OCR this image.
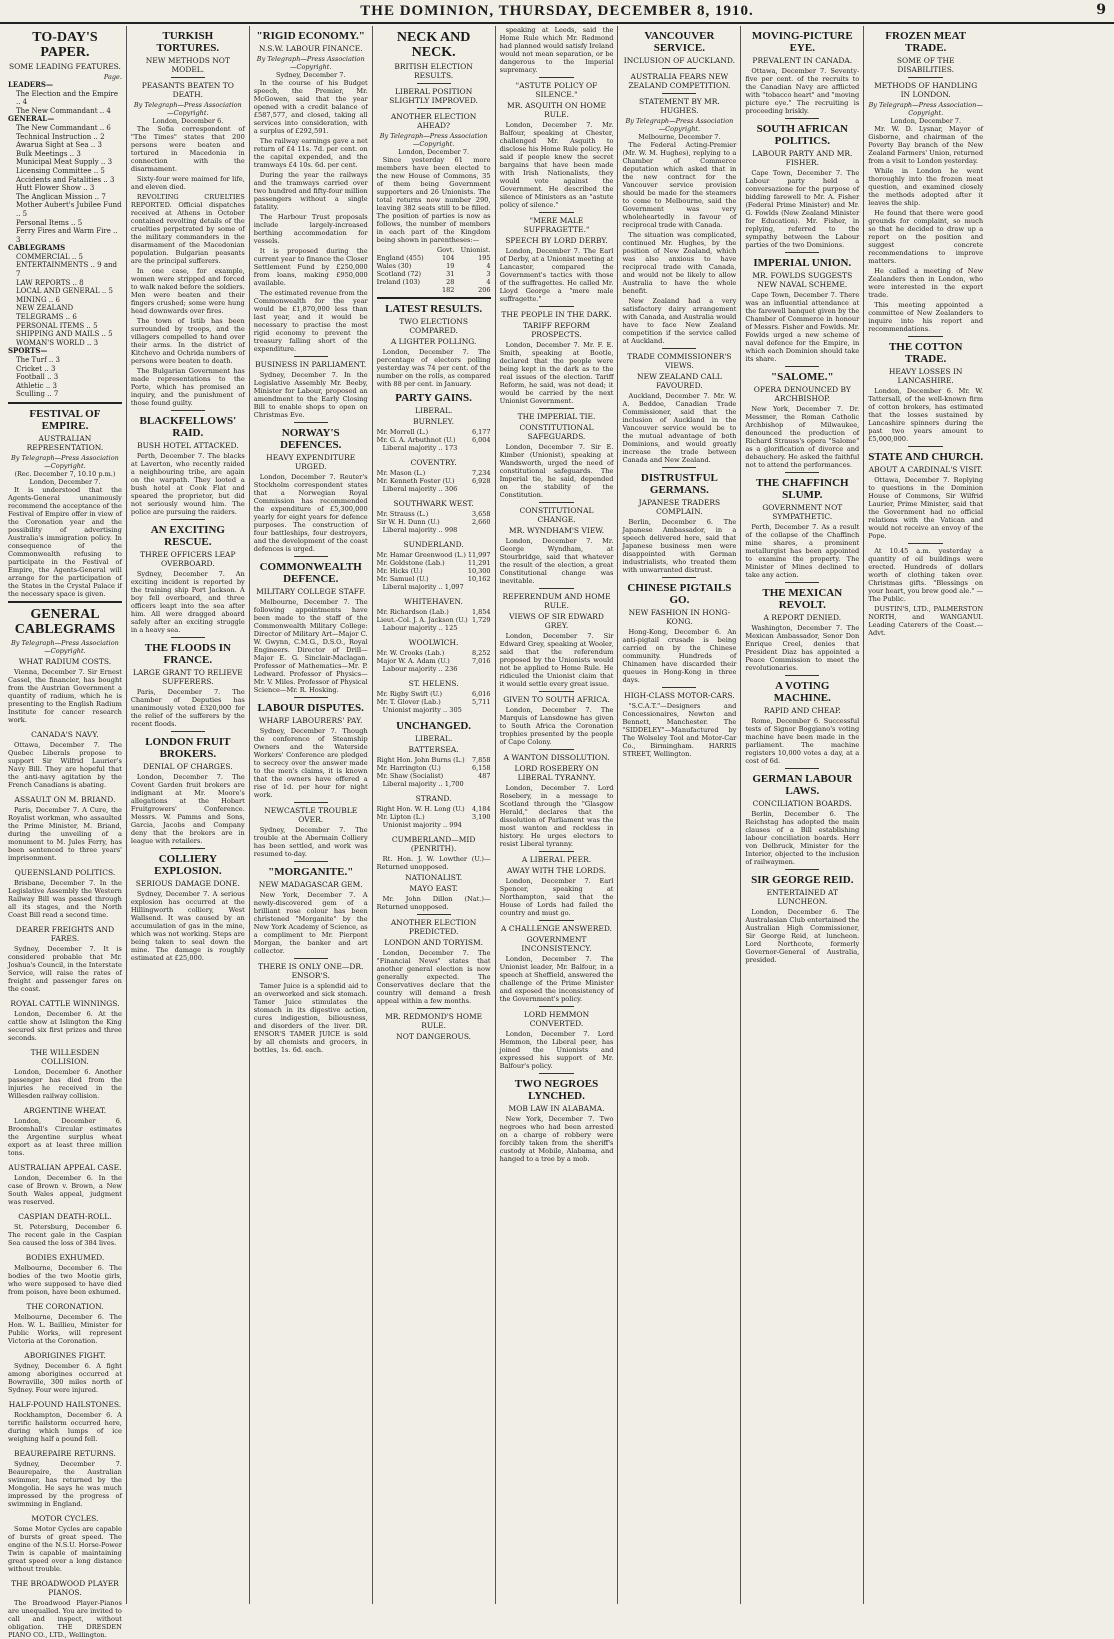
THE DOMINION, THURSDAY, DECEMBER 8, 1910.	9
TO-DAY'S PAPER.
SOME LEADING FEATURES.
Page.
LEADERS—
The Election and the Empire .. 4
The New Commandant .. 4
GENERAL—
The New Commandant .. 6
Technical Instruction .. 2
Awarua Sight at Sea .. 3
Bulk Meetings .. 3
Municipal Meat Supply .. 3
Licensing Committee .. 5
Accidents and Fatalities .. 3
Hutt Flower Show .. 3
The Anglican Mission .. 7
Mother Aubert's Jubilee Fund .. 5
Personal Items .. 5
Ferry Fires and Warm Fire .. 3
CABLEGRAMS
COMMERCIAL .. 5
ENTERTAINMENTS .. 9 and 7
LAW REPORTS .. 8
LOCAL AND GENERAL .. 5
MINING .. 6
NEW ZEALAND TELEGRAMS .. 6
PERSONAL ITEMS .. 5
SHIPPING AND MAILS .. 5
WOMAN'S WORLD .. 3
SPORTS—
The Turf .. 3
Cricket .. 3
Football .. 3
Athletic .. 3
Sculling .. 7
FESTIVAL OF EMPIRE.
AUSTRALIAN REPRESENTATION.
By Telegraph—Press Association—Copyright.
(Rec. December 7, 10.10 p.m.) London, December 7.
It is understood that the Agents-General unanimously recommend the acceptance of the Festival of Empire offer in view of the Coronation year and the possibility of advertising Australia's immigration policy. In consequence of the Commonwealth refusing to participate in the Festival of Empire, the Agents-General will arrange for the participation of the States in the Crystal Palace if the necessary space is given.
GENERAL CABLEGRAMS
By Telegraph—Press Association—Copyright.
WHAT RADIUM COSTS.
Vienna, December 7. Sir Ernest Cassel, the financier, has bought from the Austrian Government a quantity of radium, which he is presenting to the English Radium Institute for cancer research work.
CANADA'S NAVY.
Ottawa, December 7. The Quebec Liberals propose to support Sir Wilfrid Laurier's Navy Bill. They are hopeful that the anti-navy agitation by the French Canadians is abating.
ASSAULT ON M. BRIAND.
Paris, December 7. A Cure, the Royalist workman, who assaulted the Prime Minister, M. Briand, during the unveiling of a monument to M. Jules Ferry, has been sentenced to three years' imprisonment.
QUEENSLAND POLITICS.
Brisbane, December 7. In the Legislative Assembly the Western Railway Bill was passed through all its stages, and the North Coast Bill read a second time.
DEARER FREIGHTS AND FARES.
Sydney, December 7. It is considered probable that Mr. Joshua's Council, in the Interstate Service, will raise the rates of freight and passenger fares on the coast.
ROYAL CATTLE WINNINGS.
London, December 6. At the cattle show at Islington the King secured six first prizes and three seconds.
THE WILLESDEN COLLISION.
London, December 6. Another passenger has died from the injuries he received in the Willesden railway collision.
ARGENTINE WHEAT.
London, December 6. Broomhall's Circular estimates the Argentine surplus wheat export as at least three million tons.
AUSTRALIAN APPEAL CASE.
London, December 6. In the case of Brown v. Brown, a New South Wales appeal, judgment was reserved.
CASPIAN DEATH-ROLL.
St. Petersburg, December 6. The recent gale in the Caspian Sea caused the loss of 384 lives.
BODIES EXHUMED.
Melbourne, December 6. The bodies of the two Mootie girls, who were supposed to have died from poison, have been exhumed.
THE CORONATION.
Melbourne, December 6. The Hon. W. L. Baillieu, Minister for Public Works, will represent Victoria at the Coronation.
ABORIGINES FIGHT.
Sydney, December 6. A fight among aborigines occurred at Bowraville, 300 miles north of Sydney. Four were injured.
HALF-POUND HAILSTONES.
Rockhampton, December 6. A terrific hailstorm occurred here, during which lumps of ice weighing half a pound fell.
BEAUREPAIRE RETURNS.
Sydney, December 7. Beaurepaire, the Australian swimmer, has returned by the Mongolia. He says he was much impressed by the progress of swimming in England.
MOTOR CYCLES.
Some Motor Cycles are capable of bursts of great speed. The engine of the N.S.U. Horse-Power Twin is capable of maintaining great speed over a long distance without trouble.
THE BROADWOOD PLAYER PIANOS.
The Broadwood Player-Pianos are unequalled. You are invited to call and inspect, without obligation. THE DRESDEN PIANO CO., LTD., Wellington.
TURKISH TORTURES.
NEW METHODS NOT MODEL.
PEASANTS BEATEN TO DEATH.
By Telegraph—Press Association—Copyright.
London, December 6.
The Sofia correspondent of "The Times" states that 200 persons were beaten and tortured in Macedonia in connection with the disarmament.
Sixty-four were maimed for life, and eleven died.
REVOLTING CRUELTIES REPORTED. Official dispatches received at Athens in October contained revolting details of the cruelties perpetrated by some of the military commanders in the disarmament of the Macedonian population. Bulgarian peasants are the principal sufferers.
In one case, for example, women were stripped and forced to walk naked before the soldiers. Men were beaten and their fingers crushed; some were hung head downwards over fires.
The town of Istib has been surrounded by troops, and the villagers compelled to hand over their arms. In the district of Kitchevo and Ochrida numbers of persons were beaten to death.
The Bulgarian Government has made representations to the Porte, which has promised an inquiry, and the punishment of those found guilty.
BLACKFELLOWS' RAID.
BUSH HOTEL ATTACKED.
Perth, December 7. The blacks at Laverton, who recently raided a neighbouring tribe, are again on the warpath. They looted a bush hotel at Cook Flat and speared the proprietor, but did not seriously wound him. The police are pursuing the raiders.
AN EXCITING RESCUE.
THREE OFFICERS LEAP OVERBOARD.
Sydney, December 7. An exciting incident is reported by the training ship Port Jackson. A boy fell overboard, and three officers leapt into the sea after him. All were dragged aboard safely after an exciting struggle in a heavy sea.
THE FLOODS IN FRANCE.
LARGE GRANT TO RELIEVE SUFFERERS.
Paris, December 7. The Chamber of Deputies has unanimously voted £320,000 for the relief of the sufferers by the recent floods.
LONDON FRUIT BROKERS.
DENIAL OF CHARGES.
London, December 7. The Covent Garden fruit brokers are indignant at Mr. Moore's allegations at the Hobart Fruitgrowers' Conference. Messrs. W. Pamms and Sons, Garcia, Jacobs and Company deny that the brokers are in league with retailers.
COLLIERY EXPLOSION.
SERIOUS DAMAGE DONE.
Sydney, December 7. A serious explosion has occurred at the Hillingworth colliery, West Wallsend. It was caused by an accumulation of gas in the mine, which was not working. Steps are being taken to seal down the mine. The damage is roughly estimated at £25,000.
"RIGID ECONOMY."
N.S.W. LABOUR FINANCE.
By Telegraph—Press Association—Copyright.
Sydney, December 7.
In the course of his Budget speech, the Premier, Mr. McGowen, said that the year opened with a credit balance of £587,577, and closed, taking all services into consideration, with a surplus of £292,591.
The railway earnings gave a net return of £4 11s. 7d. per cent. on the capital expended, and the tramways £4 10s. 6d. per cent.
During the year the railways and the tramways carried over two hundred and fifty-four million passengers without a single fatality.
The Harbour Trust proposals include largely-increased berthing accommodation for vessels.
It is proposed during the current year to finance the Closer Settlement Fund by £250,000 from loans, making £950,000 available.
The estimated revenue from the Commonwealth for the year would be £1,870,000 less than last year, and it would be necessary to practise the most rigid economy to prevent the treasury falling short of the expenditure.
BUSINESS IN PARLIAMENT.
Sydney, December 7. In the Legislative Assembly Mr. Beeby, Minister for Labour, proposed an amendment to the Early Closing Bill to enable shops to open on Christmas Eve.
NORWAY'S DEFENCES.
HEAVY EXPENDITURE URGED.
London, December 7. Reuter's Stockholm correspondent states that a Norwegian Royal Commission has recommended the expenditure of £5,300,000 yearly for eight years for defence purposes. The construction of four battleships, four destroyers, and the development of the coast defences is urged.
COMMONWEALTH DEFENCE.
MILITARY COLLEGE STAFF.
Melbourne, December 7. The following appointments have been made to the staff of the Commonwealth Military College: Director of Military Art—Major C. W. Gwynn, C.M.G., D.S.O., Royal Engineers. Director of Drill—Major E. G. Sinclair-Maclagan. Professor of Mathematics—Mr. P. Ledward. Professor of Physics—Mr. V. Miles. Professor of Physical Science—Mr. R. Hosking.
LABOUR DISPUTES.
WHARF LABOURERS' PAY.
Sydney, December 7. Though the conference of Steamship Owners and the Waterside Workers' Conference are pledged to secrecy over the answer made to the men's claims, it is known that the owners have offered a rise of 1d. per hour for night work.
NEWCASTLE TROUBLE OVER.
Sydney, December 7. The trouble at the Abermain Colliery has been settled, and work was resumed to-day.
"MORGANITE."
NEW MADAGASCAR GEM.
New York, December 7. A newly-discovered gem of a brilliant rose colour has been christened "Morganite" by the New York Academy of Science, as a compliment to Mr. Pierpont Morgan, the banker and art collector.
THERE IS ONLY ONE—DR. ENSOR'S.
Tamer Juice is a splendid aid to an overworked and sick stomach. Tamer Juice stimulates the stomach in its digestive action, cures indigestion, biliousness, and disorders of the liver. DR. ENSOR'S TAMER JUICE is sold by all chemists and grocers, in bottles, 1s. 6d. each.
NECK AND NECK.
BRITISH ELECTION RESULTS.
LIBERAL POSITION SLIGHTLY IMPROVED.
ANOTHER ELECTION AHEAD?
By Telegraph—Press Association—Copyright.
London, December 7.
Since yesterday 61 more members have been elected to the new House of Commons, 35 of them being Government supporters and 26 Unionists. The total returns now number 290, leaving 382 seats still to be filled. The position of parties is now as follows, the number of members in each part of the Kingdom being shown in parentheses:—
	Govt.	Unionist.
England (455)	104	195
Wales (30)	19	4
Scotland (72)	31	3
Ireland (103)	28	4
	182	206
LATEST RESULTS.
TWO ELECTIONS COMPARED.
A LIGHTER POLLING.
London, December 7. The percentage of electors polling yesterday was 74 per cent. of the number on the rolls, as compared with 88 per cent. in January.
PARTY GAINS.
LIBERAL.
BURNLEY.
Mr. Morrell (L.)	6,177
Mr. G. A. Arbuthnot (U.)	6,004
Liberal majority .. 173
COVENTRY.
Mr. Mason (L.)	7,234
Mr. Kenneth Foster (U.)	6,928
Liberal majority .. 306
SOUTHWARK WEST.
Mr. Strauss (L.)	3,658
Sir W. H. Dunn (U.)	2,660
Liberal majority .. 998
SUNDERLAND.
Mr. Hamar Greenwood (L.) 11,997
Mr. Goldstone (Lab.)	11,291
Mr. Hicks (U.)	10,300
Mr. Samuel (U.)	10,162
Liberal majority .. 1,097
WHITEHAVEN.
Mr. Richardson (Lab.)	1,854
Lieut.-Col. J. A. Jackson (U.) 1,729
Labour majority .. 125
WOOLWICH.
Mr. W. Crooks (Lab.)	8,252
Major W. A. Adam (U.)	7,016
Labour majority .. 236
ST. HELENS.
Mr. Rigby Swift (U.)	6,016
Mr. T. Glover (Lab.)	5,711
Unionist majority .. 305
UNCHANGED.
LIBERAL.
BATTERSEA.
Right Hon. John Burns (L.) 7,858
Mr. Harrington (U.)	6,158
Mr. Shaw (Socialist)	487
Liberal majority .. 1,700
STRAND.
Right Hon. W. H. Long (U.) 4,184
Mr. Lipton (L.)	3,190
Unionist majority .. 994
CUMBERLAND—MID (PENRITH).
Rt. Hon. J. W. Lowther (U.)—Returned unopposed.
NATIONALIST.
MAYO EAST.
Mr. John Dillon (Nat.)—Returned unopposed.
ANOTHER ELECTION PREDICTED.
LONDON AND TORYISM.
London, December 7. The "Financial News" states that another general election is now generally expected. The Conservatives declare that the country will demand a fresh appeal within a few months.
MR. REDMOND'S HOME RULE.
NOT DANGEROUS.
speaking at Leeds, said the Home Rule which Mr. Redmond had planned would satisfy Ireland would not mean separation, or be dangerous to the Imperial supremacy.
"ASTUTE POLICY OF SILENCE."
MR. ASQUITH ON HOME RULE.
London, December 7. Mr. Balfour, speaking at Chester, challenged Mr. Asquith to disclose his Home Rule policy. He said if people knew the secret bargains that have been made with Irish Nationalists, they would vote against the Government. He described the silence of Ministers as an "astute policy of silence."
"MERE MALE SUFFRAGETTE."
SPEECH BY LORD DERBY.
London, December 7. The Earl of Derby, at a Unionist meeting at Lancaster, compared the Government's tactics with those of the suffragettes. He called Mr. Lloyd George a "mere male suffragette."
THE PEOPLE IN THE DARK.
TARIFF REFORM PROSPECTS.
London, December 7. Mr. F. E. Smith, speaking at Bootle, declared that the people were being kept in the dark as to the real issues of the election. Tariff Reform, he said, was not dead; it would be carried by the next Unionist Government.
THE IMPERIAL TIE.
CONSTITUTIONAL SAFEGUARDS.
London, December 7. Sir E. Kimber (Unionist), speaking at Wandsworth, urged the need of constitutional safeguards. The Imperial tie, he said, depended on the stability of the Constitution.
CONSTITUTIONAL CHANGE.
MR. WYNDHAM'S VIEW.
London, December 7. Mr. George Wyndham, at Stourbridge, said that whatever the result of the election, a great Constitutional change was inevitable.
REFERENDUM AND HOME RULE.
VIEWS OF SIR EDWARD GREY.
London, December 7. Sir Edward Grey, speaking at Wooler, said that the referendum proposed by the Unionists would not be applied to Home Rule. He ridiculed the Unionist claim that it would settle every great issue.
GIVEN TO SOUTH AFRICA.
London, December 7. The Marquis of Lansdowne has given to South Africa the Coronation trophies presented by the people of Cape Colony.
A WANTON DISSOLUTION.
LORD ROSEBERY ON LIBERAL TYRANNY.
London, December 7. Lord Rosebery, in a message to Scotland through the "Glasgow Herald," declares that the dissolution of Parliament was the most wanton and reckless in history. He urges electors to resist Liberal tyranny.
A LIBERAL PEER.
AWAY WITH THE LORDS.
London, December 7. Earl Spencer, speaking at Northampton, said that the House of Lords had failed the country and must go.
A CHALLENGE ANSWERED.
GOVERNMENT INCONSISTENCY.
London, December 7. The Unionist leader, Mr. Balfour, in a speech at Sheffield, answered the challenge of the Prime Minister and exposed the inconsistency of the Government's policy.
LORD HEMMON CONVERTED.
London, December 7. Lord Hemmon, the Liberal peer, has joined the Unionists and expressed his support of Mr. Balfour's policy.
TWO NEGROES LYNCHED.
MOB LAW IN ALABAMA.
New York, December 7. Two negroes who had been arrested on a charge of robbery were forcibly taken from the sheriff's custody at Mobile, Alabama, and hanged to a tree by a mob.
VANCOUVER SERVICE.
INCLUSION OF AUCKLAND.
AUSTRALIA FEARS NEW ZEALAND COMPETITION.
STATEMENT BY MR. HUGHES.
By Telegraph—Press Association—Copyright.
Melbourne, December 7.
The Federal Acting-Premier (Mr. W. M. Hughes), replying to a Chamber of Commerce deputation which asked that in the new contract for the Vancouver service provision should be made for the steamers to come to Melbourne, said the Government was very wholeheartedly in favour of reciprocal trade with Canada.
The situation was complicated, continued Mr. Hughes, by the position of New Zealand, which was also anxious to have reciprocal trade with Canada, and would not be likely to allow Australia to have the whole benefit.
New Zealand had a very satisfactory dairy arrangement with Canada, and Australia would have to face New Zealand competition if the service called at Auckland.
TRADE COMMISSIONER'S VIEWS.
NEW ZEALAND CALL FAVOURED.
Auckland, December 7. Mr. W. A. Beddoe, Canadian Trade Commissioner, said that the inclusion of Auckland in the Vancouver service would be to the mutual advantage of both Dominions, and would greatly increase the trade between Canada and New Zealand.
DISTRUSTFUL GERMANS.
JAPANESE TRADERS COMPLAIN.
Berlin, December 6. The Japanese Ambassador, in a speech delivered here, said that Japanese business men were disappointed with German industrialists, who treated them with unwarranted distrust.
CHINESE PIGTAILS GO.
NEW FASHION IN HONG-KONG.
Hong-Kong, December 6. An anti-pigtail crusade is being carried on by the Chinese community. Hundreds of Chinamen have discarded their queues in Hong-Kong in three days.
HIGH-CLASS MOTOR-CARS.
"S.C.A.T."—Designers and Concessionaires, Newton and Bennett, Manchester. The "SIDDELEY"—Manufactured by The Wolseley Tool and Motor-Car Co., Birmingham. HARRIS STREET, Wellington.
MOVING-PICTURE EYE.
PREVALENT IN CANADA.
Ottawa, December 7. Seventy-five per cent. of the recruits to the Canadian Navy are afflicted with "tobacco heart" and "moving picture eye." The recruiting is proceeding briskly.
SOUTH AFRICAN POLITICS.
LABOUR PARTY AND MR. FISHER.
Cape Town, December 7. The Labour party held a conversazione for the purpose of bidding farewell to Mr. A. Fisher (Federal Prime Minister) and Mr. G. Fowlds (New Zealand Minister for Education). Mr. Fisher, in replying, referred to the sympathy between the Labour parties of the two Dominions.
IMPERIAL UNION.
MR. FOWLDS SUGGESTS NEW NAVAL SCHEME.
Cape Town, December 7. There was an influential attendance at the farewell banquet given by the Chamber of Commerce in honour of Messrs. Fisher and Fowlds. Mr. Fowlds urged a new scheme of naval defence for the Empire, in which each Dominion should take its share.
"SALOME."
OPERA DENOUNCED BY ARCHBISHOP.
New York, December 7. Dr. Messmer, the Roman Catholic Archbishop of Milwaukee, denounced the production of Richard Strauss's opera "Salome" as a glorification of divorce and debauchery. He asked the faithful not to attend the performances.
THE CHAFFINCH SLUMP.
GOVERNMENT NOT SYMPATHETIC.
Perth, December 7. As a result of the collapse of the Chaffinch mine shares, a prominent metallurgist has been appointed to examine the property. The Minister of Mines declined to take any action.
THE MEXICAN REVOLT.
A REPORT DENIED.
Washington, December 7. The Mexican Ambassador, Senor Don Enrique Creel, denies that President Diaz has appointed a Peace Commission to meet the revolutionaries.
A VOTING MACHINE.
RAPID AND CHEAP.
Rome, December 6. Successful tests of Signor Boggiano's voting machine have been made in the parliament. The machine registers 10,000 votes a day, at a cost of 6d.
GERMAN LABOUR LAWS.
CONCILIATION BOARDS.
Berlin, December 6. The Reichstag has adopted the main clauses of a Bill establishing labour conciliation boards. Herr von Delbruck, Minister for the Interior, objected to the inclusion of railwaymen.
SIR GEORGE REID.
ENTERTAINED AT LUNCHEON.
London, December 6. The Australasian Club entertained the Australian High Commissioner, Sir George Reid, at luncheon. Lord Northcote, formerly Governor-General of Australia, presided.
FROZEN MEAT TRADE.
SOME OF THE DISABILITIES.
METHODS OF HANDLING IN LONDON.
By Telegraph—Press Association—Copyright.
London, December 7.
Mr. W. D. Lysnar, Mayor of Gisborne, and chairman of the Poverty Bay branch of the New Zealand Farmers' Union, returned from a visit to London yesterday.
While in London he went thoroughly into the frozen meat question, and examined closely the methods adopted after it leaves the ship.
He found that there were good grounds for complaint, so much so that he decided to draw up a report on the position and suggest concrete recommendations to improve matters.
He called a meeting of New Zealanders then in London, who were interested in the export trade.
This meeting appointed a committee of New Zealanders to inquire into his report and recommendations.
THE COTTON TRADE.
HEAVY LOSSES IN LANCASHIRE.
London, December 6. Mr. W. Tattersall, of the well-known firm of cotton brokers, has estimated that the losses sustained by Lancashire spinners during the past two years amount to £5,000,000.
STATE AND CHURCH.
ABOUT A CARDINAL'S VISIT.
Ottawa, December 7. Replying to questions in the Dominion House of Commons, Sir Wilfrid Laurier, Prime Minister, said that the Government had no official relations with the Vatican and would not receive an envoy of the Pope.
At 10.45 a.m. yesterday a quantity of oil buildings were erected. Hundreds of dollars worth of clothing taken over. Christmas gifts. "Blessings on your heart, you brew good ale." —The Public.
DUSTIN'S, LTD., PALMERSTON NORTH, and WANGANUI. Leading Caterers of the Coast.—Advt.
